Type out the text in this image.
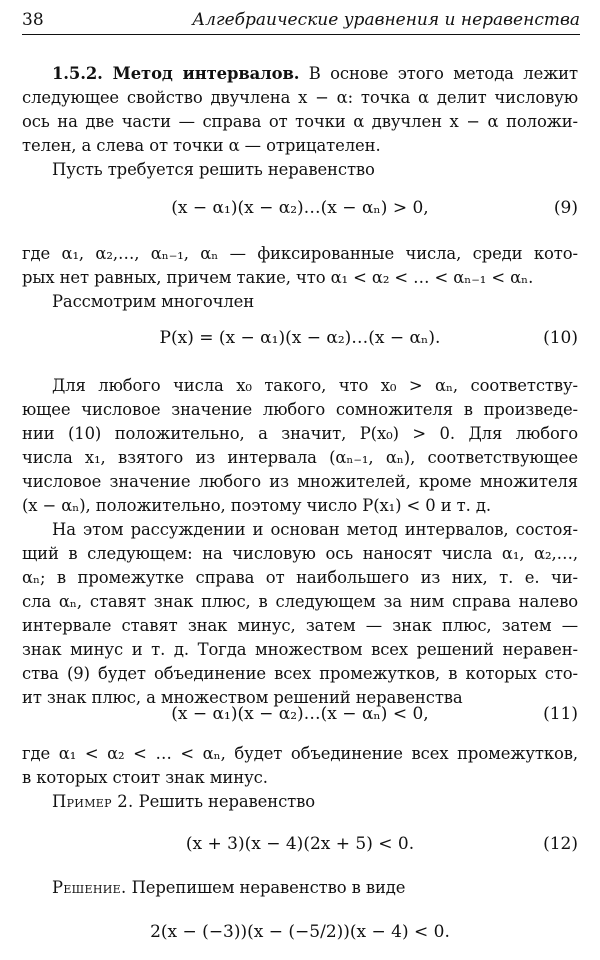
38	Алгебраические уравнения и неравенства
1.5.2. Метод интервалов. В основе этого метода лежит
следующее свойство двучлена x − α: точка α делит числовую
ось на две части — справа от точки α двучлен x − α положи-
телен, а слева от точки α — отрицателен.
Пусть требуется решить неравенство
(x − α₁)(x − α₂)…(x − αₙ) > 0,	(9)
где α₁, α₂,…, αₙ₋₁, αₙ — фиксированные числа, среди кото-
рых нет равных, причем такие, что α₁ < α₂ < … < αₙ₋₁ < αₙ.
Рассмотрим многочлен
P(x) = (x − α₁)(x − α₂)…(x − αₙ).	(10)
Для любого числа x₀ такого, что x₀ > αₙ, соответству-
ющее числовое значение любого сомножителя в произведе-
нии (10) положительно, а значит, P(x₀) > 0. Для любого
числа x₁, взятого из интервала (αₙ₋₁, αₙ), соответствующее
числовое значение любого из множителей, кроме множителя
(x − αₙ), положительно, поэтому число P(x₁) < 0 и т. д.
На этом рассуждении и основан метод интервалов, состоя-
щий в следующем: на числовую ось наносят числа α₁, α₂,…,
αₙ; в промежутке справа от наибольшего из них, т. е. чи-
сла αₙ, ставят знак плюс, в следующем за ним справа налево
интервале ставят знак минус, затем — знак плюс, затем —
знак минус и т. д. Тогда множеством всех решений неравен-
ства (9) будет объединение всех промежутков, в которых сто-
ит знак плюс, а множеством решений неравенства
(x − α₁)(x − α₂)…(x − αₙ) < 0,	(11)
где α₁ < α₂ < … < αₙ, будет объединение всех промежутков,
в которых стоит знак минус.
Пример 2. Решить неравенство
(x + 3)(x − 4)(2x + 5) < 0.	(12)
Решение. Перепишем неравенство в виде
2(x − (−3))(x − (−5/2))(x − 4) < 0.
